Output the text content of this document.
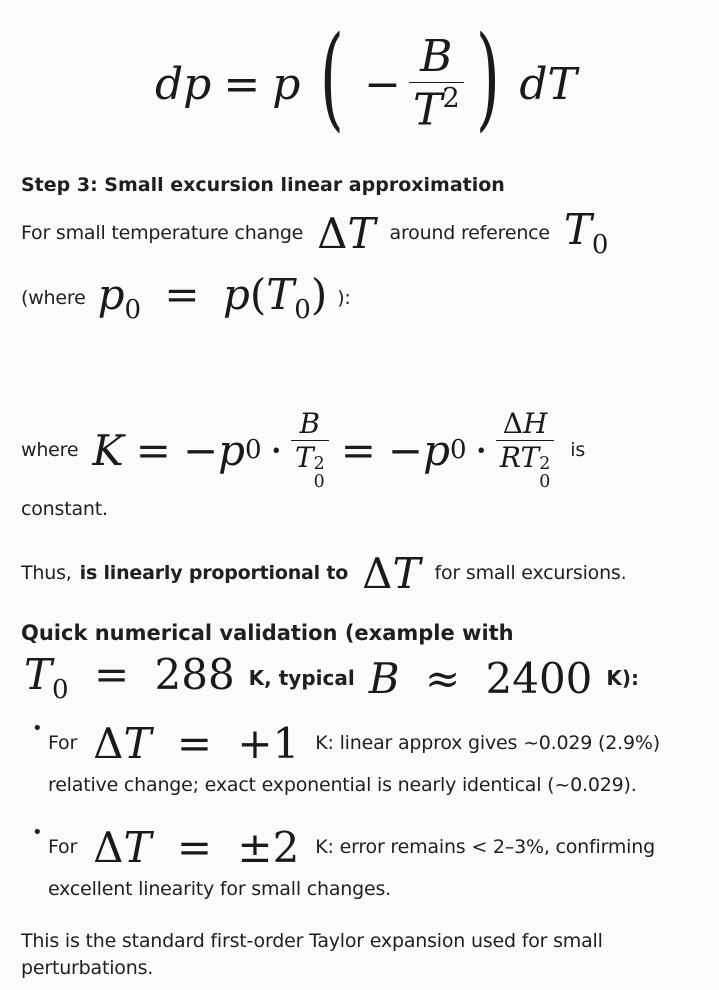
dp = p ( − $\frac{B}{T^2}$ ) dT
Step 3: Small excursion linear approximation
For small temperature change ΔT around reference $T_0$
(where $p_0 = p(T_0)$ ):
where K = − p 0 · B
T 2
0 = − p 0 · ΔH
RT 2
0 is
constant.
Thus, is linearly proportional to ΔT for small excursions.
Quick numerical validation (example with
$T_0 = 288$ K, typical B ≈ 2400 K):
•
For ΔT = +1 K: linear approx gives ~0.029 (2.9%)
relative change; exact exponential is nearly identical (~0.029).
•
For ΔT = ±2 K: error remains < 2–3%, confirming
excellent linearity for small changes.
This is the standard first-order Taylor expansion used for small
perturbations.
